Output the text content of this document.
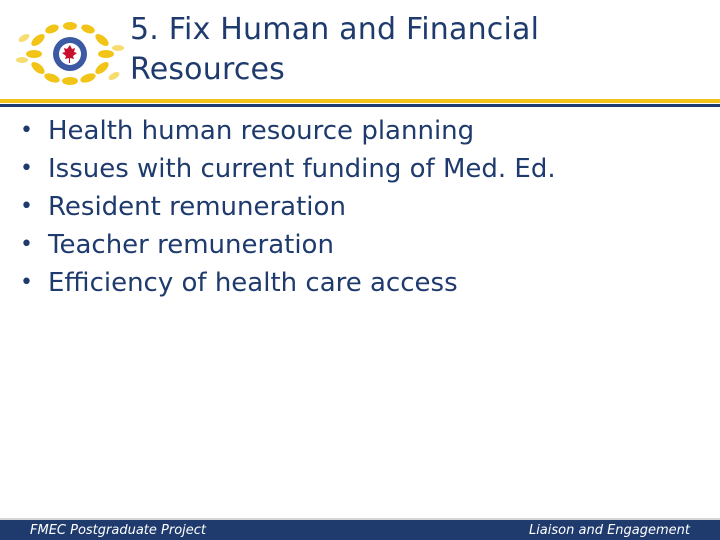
5. Fix Human and Financial
Resources
• Health human resource planning
• Issues with current funding of Med. Ed.
• Resident remuneration
• Teacher remuneration
• Efficiency of health care access
FMEC Postgraduate Project	Liaison and Engagement
